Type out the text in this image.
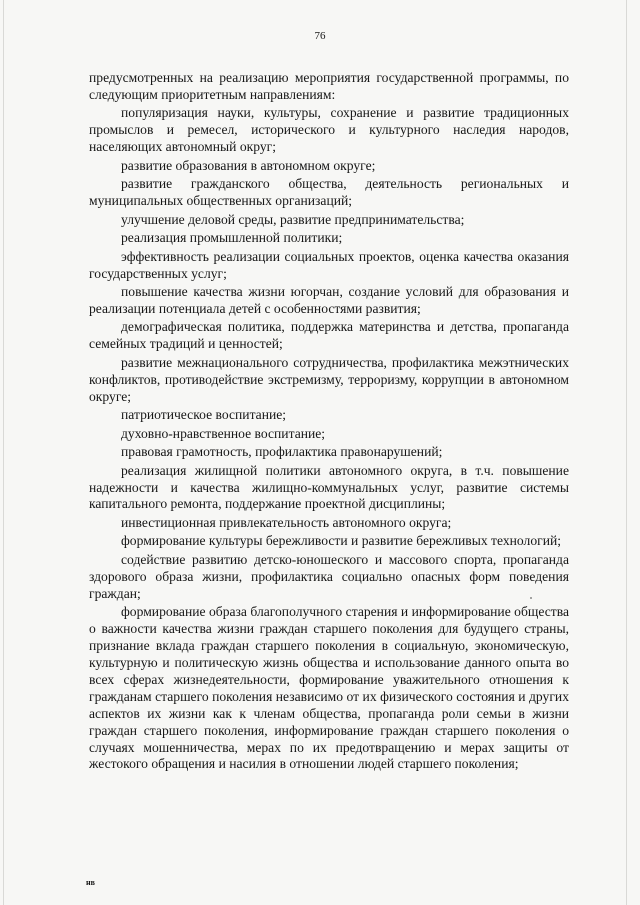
76

предусмотренных на реализацию мероприятия государственной программы, по следующим приоритетным направлениям:

популяризация науки, культуры, сохранение и развитие традиционных промыслов и ремесел, исторического и культурного наследия народов, населяющих автономный округ;

развитие образования в автономном округе;

развитие гражданского общества, деятельность региональных и муниципальных общественных организаций;

улучшение деловой среды, развитие предпринимательства;

реализация промышленной политики;

эффективность реализации социальных проектов, оценка качества оказания государственных услуг;

повышение качества жизни югорчан, создание условий для образования и реализации потенциала детей с особенностями развития;

демографическая политика, поддержка материнства и детства, пропаганда семейных традиций и ценностей;

развитие межнационального сотрудничества, профилактика межэтнических конфликтов, противодействие экстремизму, терроризму, коррупции в автономном округе;

патриотическое воспитание;

духовно-нравственное воспитание;

правовая грамотность, профилактика правонарушений;

реализация жилищной политики автономного округа, в т.ч. повышение надежности и качества жилищно-коммунальных услуг, развитие системы капитального ремонта, поддержание проектной дисциплины;

инвестиционная привлекательность автономного округа;

формирование культуры бережливости и развитие бережливых технологий;

содействие развитию детско-юношеского и массового спорта, пропаганда здорового образа жизни, профилактика социально опасных форм поведения граждан;

формирование образа благополучного старения и информирование общества о важности качества жизни граждан старшего поколения для будущего страны, признание вклада граждан старшего поколения в социальную, экономическую, культурную и политическую жизнь общества и использование данного опыта во всех сферах жизнедеятельности, формирование уважительного отношения к гражданам старшего поколения независимо от их физического состояния и других аспектов их жизни как к членам общества, пропаганда роли семьи в жизни граждан старшего поколения, информирование граждан старшего поколения о случаях мошенничества, мерах по их предотвращению и мерах защиты от жестокого обращения и насилия в отношении людей старшего поколения;

нв
